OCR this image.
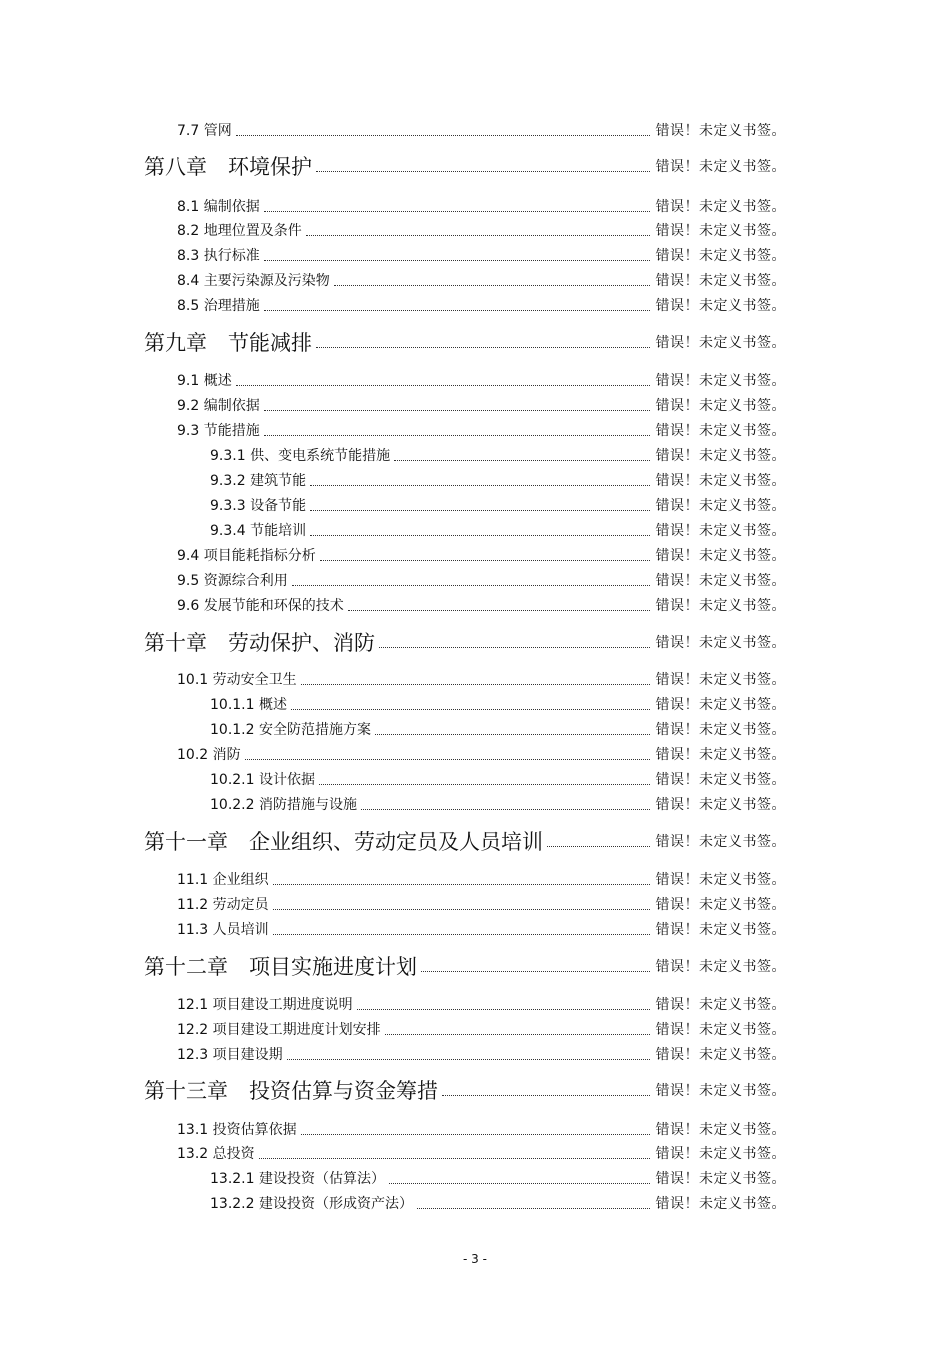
7.7 管网	错误！未定义书签。
第八章　环境保护	错误！未定义书签。
8.1 编制依据	错误！未定义书签。
8.2 地理位置及条件	错误！未定义书签。
8.3 执行标准	错误！未定义书签。
8.4 主要污染源及污染物	错误！未定义书签。
8.5 治理措施	错误！未定义书签。
第九章　节能减排	错误！未定义书签。
9.1 概述	错误！未定义书签。
9.2 编制依据	错误！未定义书签。
9.3 节能措施	错误！未定义书签。
9.3.1 供、变电系统节能措施	错误！未定义书签。
9.3.2 建筑节能	错误！未定义书签。
9.3.3 设备节能	错误！未定义书签。
9.3.4 节能培训	错误！未定义书签。
9.4 项目能耗指标分析	错误！未定义书签。
9.5 资源综合利用	错误！未定义书签。
9.6 发展节能和环保的技术	错误！未定义书签。
第十章　劳动保护、消防	错误！未定义书签。
10.1 劳动安全卫生	错误！未定义书签。
10.1.1 概述	错误！未定义书签。
10.1.2 安全防范措施方案	错误！未定义书签。
10.2 消防	错误！未定义书签。
10.2.1 设计依据	错误！未定义书签。
10.2.2 消防措施与设施	错误！未定义书签。
第十一章　企业组织、劳动定员及人员培训	错误！未定义书签。
11.1 企业组织	错误！未定义书签。
11.2 劳动定员	错误！未定义书签。
11.3 人员培训	错误！未定义书签。
第十二章　项目实施进度计划	错误！未定义书签。
12.1 项目建设工期进度说明	错误！未定义书签。
12.2 项目建设工期进度计划安排	错误！未定义书签。
12.3 项目建设期	错误！未定义书签。
第十三章　投资估算与资金筹措	错误！未定义书签。
13.1 投资估算依据	错误！未定义书签。
13.2 总投资	错误！未定义书签。
13.2.1 建设投资（估算法）	错误！未定义书签。
13.2.2 建设投资（形成资产法）	错误！未定义书签。
- 3 -
